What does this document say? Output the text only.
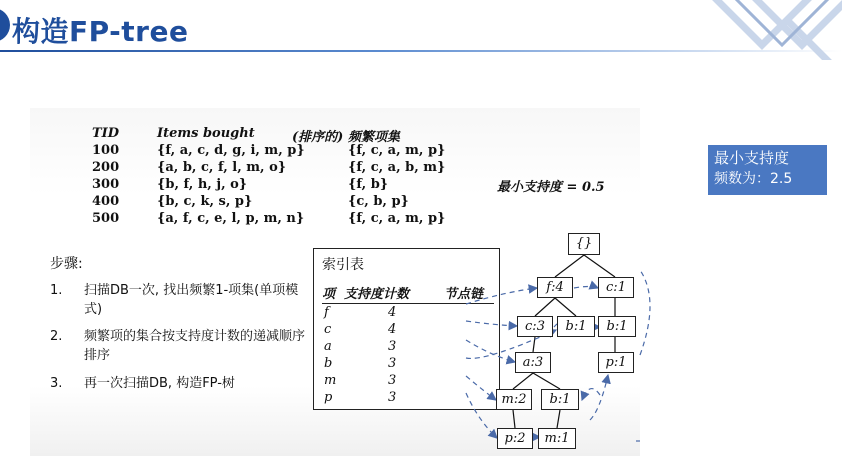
构造FP-tree
TID	Items bought	(排序的) 频繁项集
100	{f, a, c, d, g, i, m, p}	{f, c, a, m, p}
200	{a, b, c, f, l, m, o}	{f, c, a, b, m}
300	{b, f, h, j, o}	{f, b}
400	{b, c, k, s, p}	{c, b, p}
500	{a, f, c, e, l, p, m, n}	{f, c, a, m, p}
最小支持度 = 0.5
最小支持度
频数为：2.5
步骤:
1. 扫描DB一次, 找出频繁1-项集(单项模式)
2. 频繁项的集合按支持度计数的递减顺序排序
3. 再一次扫描DB, 构造FP-树
索引表
项 支持度计数	节点链
f	4
c	4
a	3
b	3
m	3
p	3
{}
f:4	c:1
c:3	b:1	b:1
a:3	p:1
m:2	b:1
p:2	m:1
